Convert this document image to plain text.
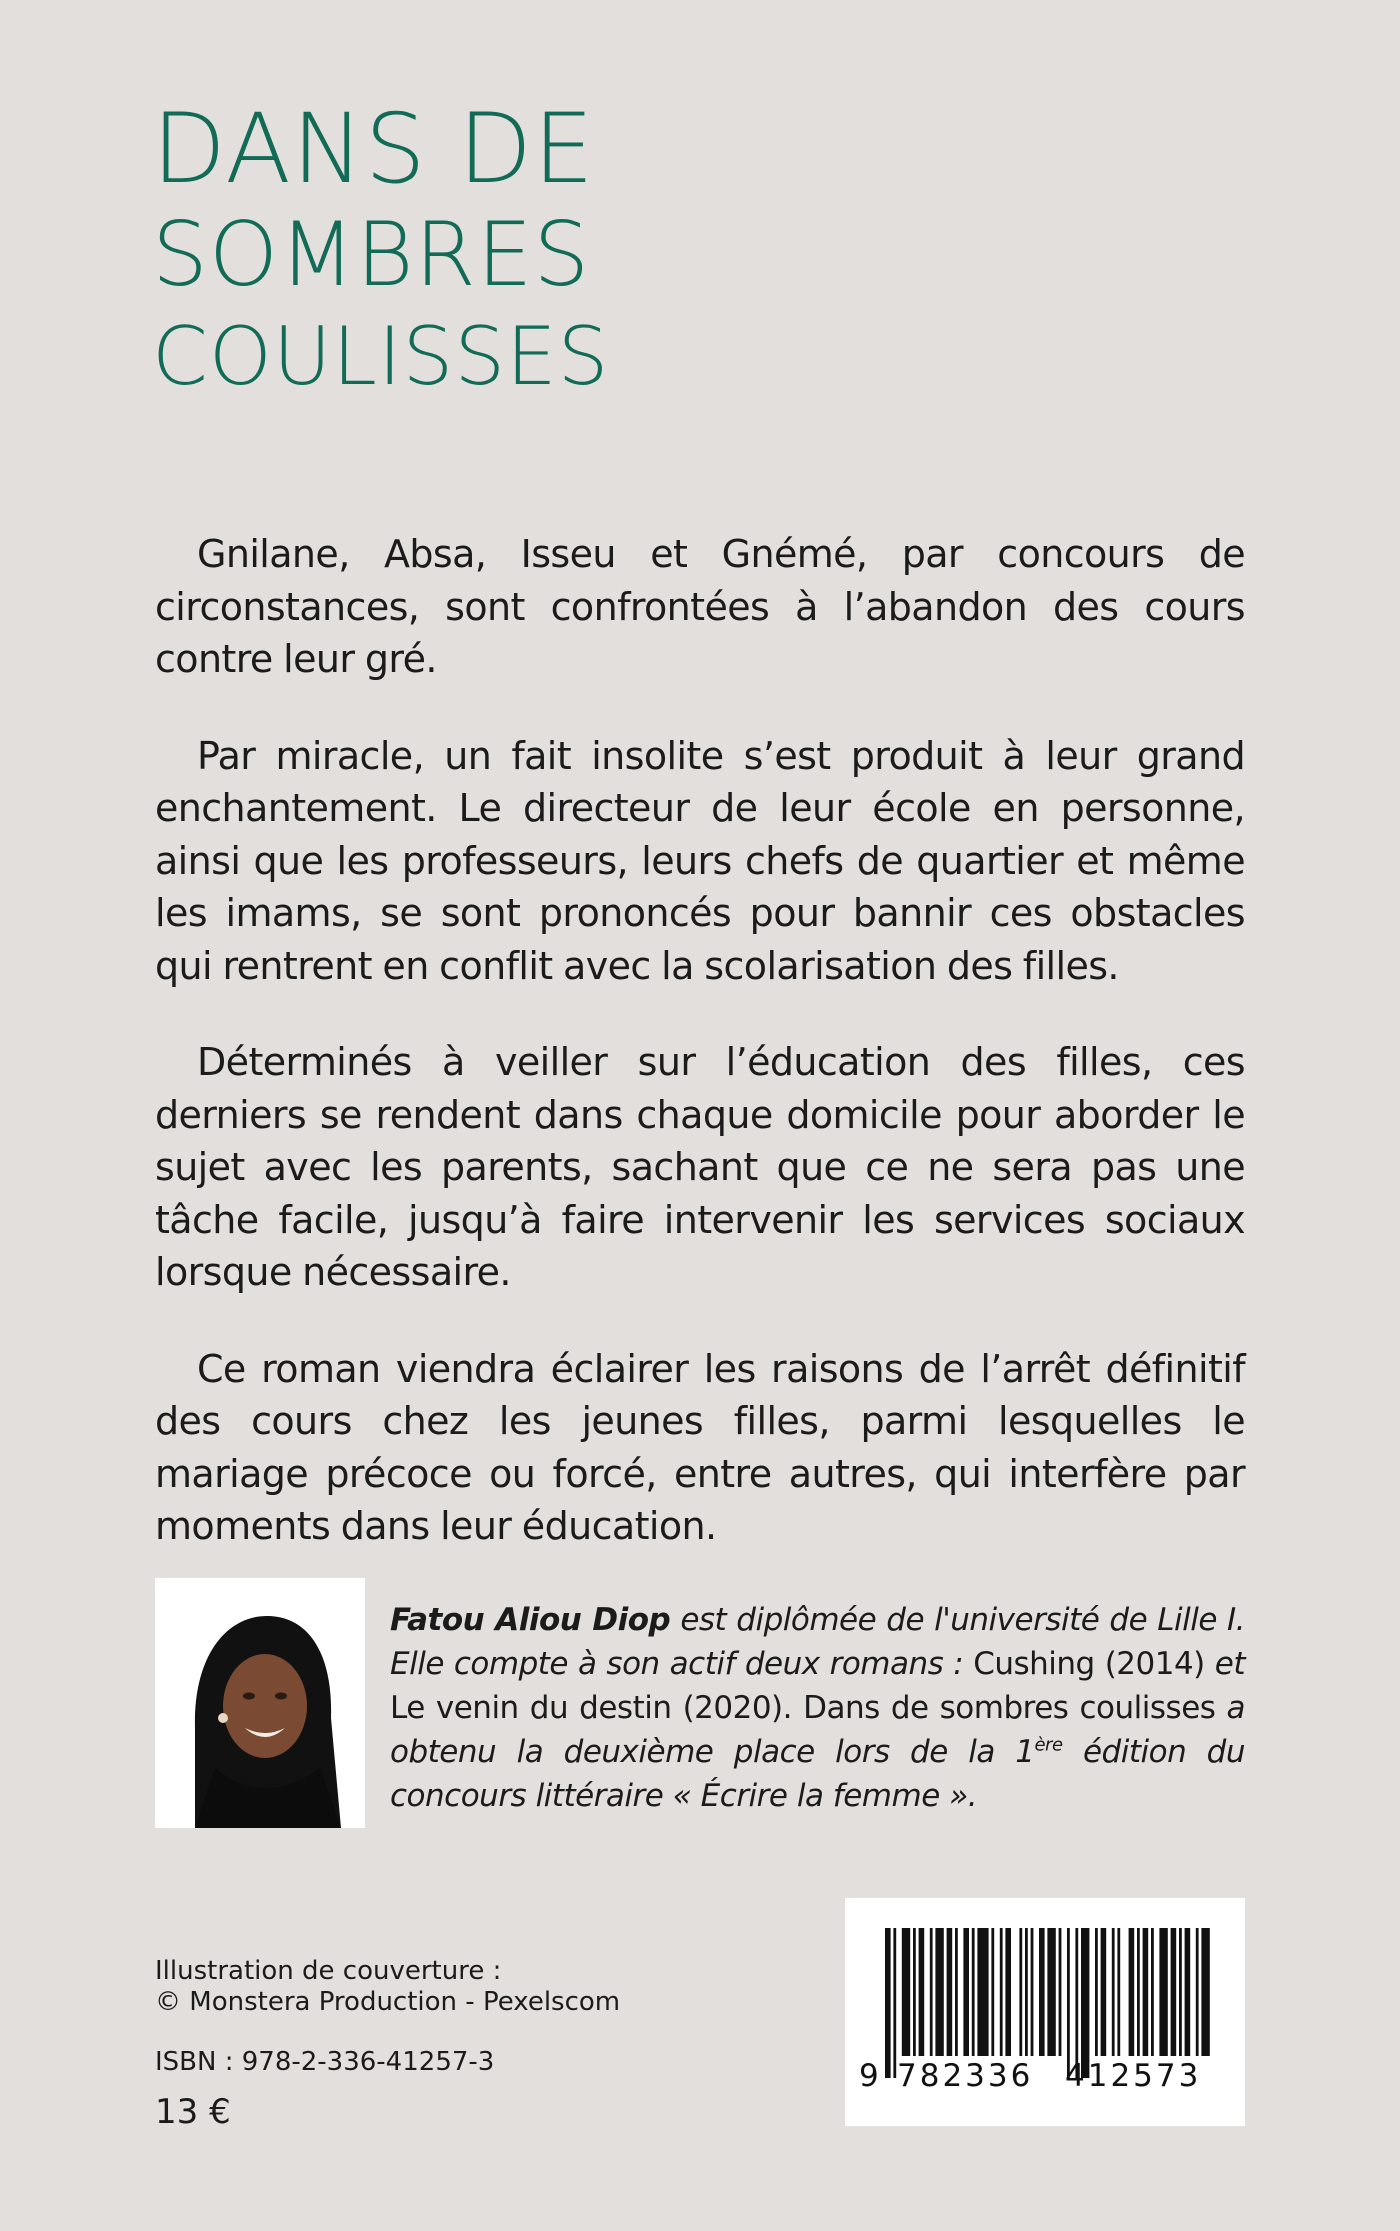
DANS DE
SOMBRES
COULISSES

Gnilane, Absa, Isseu et Gnémé, par concours de circonstances, sont confrontées à l’abandon des cours contre leur gré.

Par miracle, un fait insolite s’est produit à leur grand enchantement. Le directeur de leur école en personne, ainsi que les professeurs, leurs chefs de quartier et même les imams, se sont prononcés pour bannir ces obstacles qui rentrent en conflit avec la scolarisation des filles.

Déterminés à veiller sur l’éducation des filles, ces derniers se rendent dans chaque domicile pour aborder le sujet avec les parents, sachant que ce ne sera pas une tâche facile, jusqu’à faire intervenir les services sociaux lorsque nécessaire.

Ce roman viendra éclairer les raisons de l’arrêt définitif des cours chez les jeunes filles, parmi lesquelles le mariage précoce ou forcé, entre autres, qui interfère par moments dans leur éducation.

Fatou Aliou Diop est diplômée de l'université de Lille I. Elle compte à son actif deux romans : Cushing (2014) et Le venin du destin (2020). Dans de sombres coulisses a obtenu la deuxième place lors de la 1ère édition du concours littéraire « Écrire la femme ».
Illustration de couverture :
© Monstera Production - Pexelscom
ISBN : 978-2-336-41257-3
13 €
9 782336 412573
